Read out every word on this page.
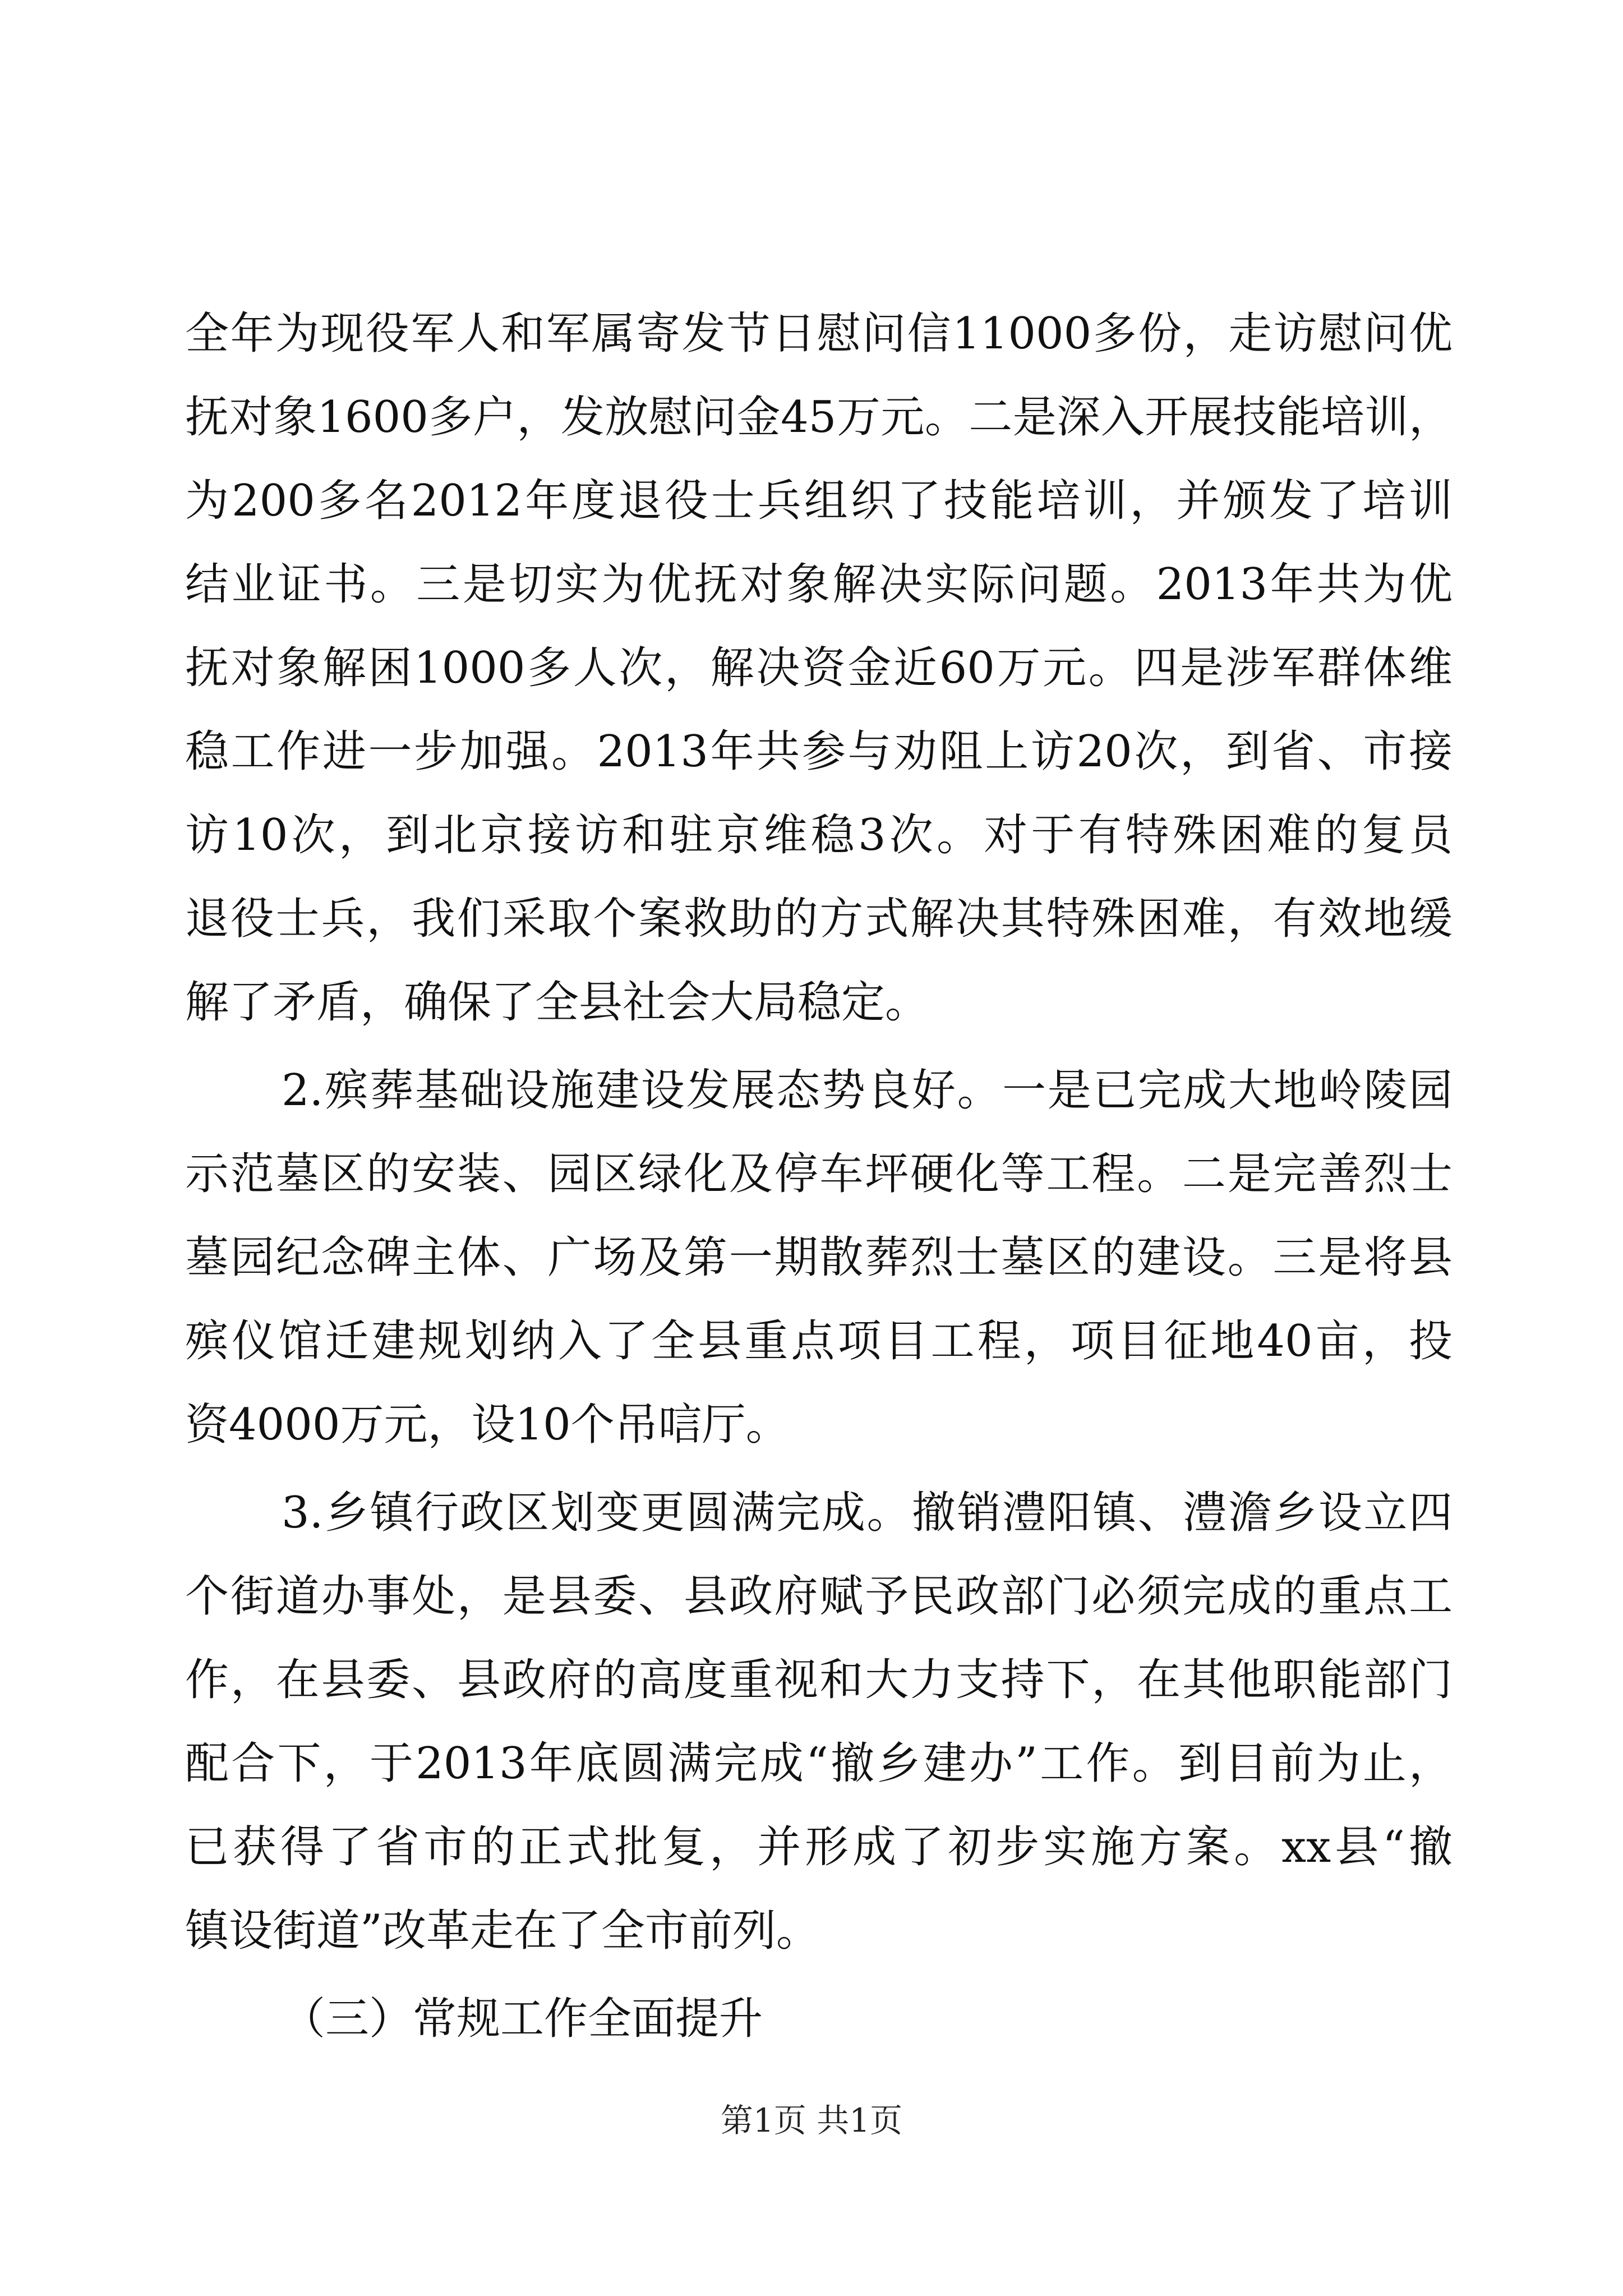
全年为现役军人和军属寄发节日慰问信11000多份，走访慰问优
抚对象1600多户，发放慰问金45万元。二是深入开展技能培训，
为200多名2012年度退役士兵组织了技能培训，并颁发了培训
结业证书。三是切实为优抚对象解决实际问题。2013年共为优
抚对象解困1000多人次，解决资金近60万元。四是涉军群体维
稳工作进一步加强。2013年共参与劝阻上访20次，到省、市接
访10次，到北京接访和驻京维稳3次。对于有特殊困难的复员
退役士兵，我们采取个案救助的方式解决其特殊困难，有效地缓
解了矛盾，确保了全县社会大局稳定。
2.殡葬基础设施建设发展态势良好。一是已完成大地岭陵园
示范墓区的安装、园区绿化及停车坪硬化等工程。二是完善烈士
墓园纪念碑主体、广场及第一期散葬烈士墓区的建设。三是将县
殡仪馆迁建规划纳入了全县重点项目工程，项目征地40亩，投
资4000万元，设10个吊唁厅。
3.乡镇行政区划变更圆满完成。撤销澧阳镇、澧澹乡设立四
个街道办事处，是县委、县政府赋予民政部门必须完成的重点工
作，在县委、县政府的高度重视和大力支持下，在其他职能部门
配合下，于2013年底圆满完成“撤乡建办”工作。到目前为止，
已获得了省市的正式批复，并形成了初步实施方案。xx县“撤
镇设街道”改革走在了全市前列。
（三）常规工作全面提升
第1页 共1页
